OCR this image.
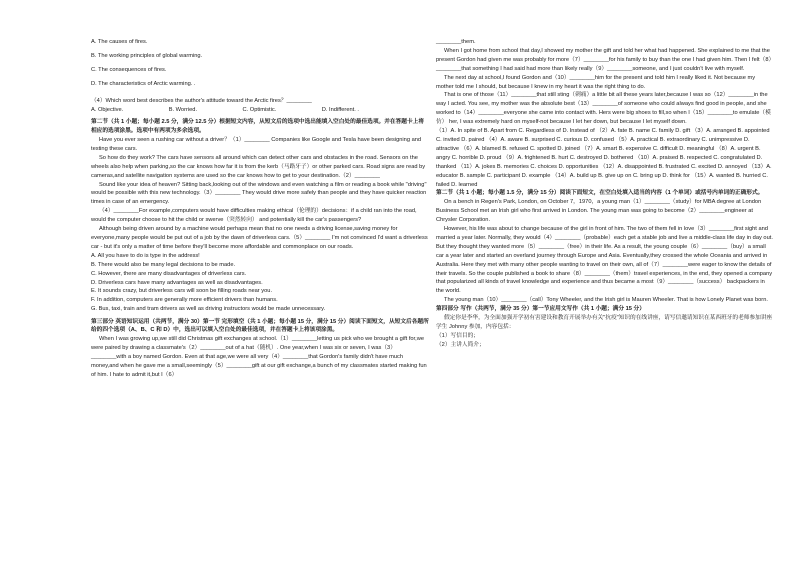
A. The causes of fires.

B. The working principles of global warming.

C. The consequences of fires.

D. The characteristics of Arctic warming. .

（4）Which word best describes the author's attitude toward the Arctic fires？________

A. Objective.	B. Worried.	C. Optimistic.	D. Indifferent. .

第二节（共 1 小题；每小题 2.5 分，满分 12.5 分）根据短文内容，从短文后的选项中选出能填入空白处的最佳选项。并在答题卡上将相应的选项涂黑。选项中有两项为多余选项。

Have you ever seen a rushing car without a driver？（1）________ Companies like Google and Tesla have been designing and testing these cars.

So how do they work? The cars have sensors all around which can detect other cars and obstacles in the road. Sensors on the wheels also help when parking,so the car knows how far it is from the kerb（马路牙子）or other parked cars. Road signs are read by cameras,and satellite navigation systems are used so the car knows how to get to your destination.（2）________

Sound like your idea of heaven? Sitting back,looking out of the windows and even watching a film or reading a book while "driving" would be possible with this new technology.（3）________ They would drive more safely than people and they have quicker reaction times in case of an emergency.

（4）________For example,computers would have difficulties making ethical（伦理的）decisions：if a child ran into the road, would the computer choose to hit the child or swerve（突然转向） and potentially kill the car's passengers?

Although being driven around by a machine would perhaps mean that no one needs a driving license,saving money for everyone,many people would be put out of a job by the dawn of driverless cars.（5）________ I'm not convinced I'd want a driverless car - but it's only a matter of time before they'll become more affordable and commonplace on our roads.

A. All you have to do is type in the address!

B. There would also be many legal decisions to be made.

C. However, there are many disadvantages of driverless cars.

D. Driverless cars have many advantages as well as disadvantages.

E. It sounds crazy, but driverless cars will soon be filling roads near you.

F. In addition, computers are generally more efficient drivers than humans.

G. Bus, taxi, train and tram drivers as well as driving instructors would be made unnecessary.

第三部分 英语知识运用（共两节，满分 30）第一节 完形填空（共 1 小题；每小题 15 分，满分 15 分）阅读下面短文，从短文后各题所给的四个选项（A、B、C 和 D）中，选出可以填入空白处的最佳选项，并在答题卡上将该项涂黑。

When I was growing up,we still did Christmas gift exchanges at school.（1）________letting us pick who we brought a gift for,we were paired by drawing a classmate's（2）________out of a hat（随机）. One year,when I was six or seven, I was（3）________with a boy named Gordon. Even at that age,we were all very（4）________that Gordon's family didn't have much money,and when he gave me a small,seemingly（5）________gift at our gift exchange,a bunch of my classmates started making fun of him. I hate to admit it,but I（6）

________them.

When I got home from school that day,I showed my mother the gift and told her what had happened. She explained to me that the present Gordon had given me was probably for more（7）________for his family to buy than the one I had given him. Then I felt（8）________that something I had said had more than likely really（9）________someone, and I just couldn't live with myself.

The next day at school,I found Gordon and（10）________him for the present and told him I really liked it. Not because my mother told me I should, but because I knew in my heart it was the right thing to do.

That is one of those（11）________that still sting（刺痛）a little bit all these years later,because I was so（12）________in the way I acted. You see, my mother was the absolute best（13）________of someone who could always find good in people, and she worked to（14）________everyone she came into contact with. Hers were big shoes to fill,so when I（15）________to emulate（模仿） her, I was extremely hard on myself-not because I let her down, but because I let myself down.

（1）A. In spite of B. Apart from C. Regardless of D. Instead of （2）A. fate B. name C. family D. gift （3）A. arranged B. appointed C. invited D. paired （4）A. aware B. surprised C. curious D. confused （5）A. practical B. extraordinary C. unimpressive D. attractive （6）A. blamed B. refused C. spotted D. joined （7）A. smart B. expensive C. difficult D. meaningful （8）A. urgent B. angry C. horrible D. proud （9）A. frightened B. hurt C. destroyed D. bothered （10）A. praised B. respected C. congratulated D. thanked （11）A. jokes B. memories C. choices D. opportunities （12）A. disappointed B. frustrated C. excited D. annoyed （13）A. educator B. sample C. participant D. example （14）A. build up B. give up on C. bring up D. think for （15）A. wanted B. hurried C. failed D. learned

第二节（共 1 小题；每小题 1.5 分，满分 15 分）阅读下面短文，在空白处填入适当的内容（1 个单词）或括号内单词的正确形式。

On a bench in Regen's Park, London, on October 7，1970，a young man（1）________（study）for MBA degree at London Business School met an Irish girl who first arrived in London. The young man was going to become（2）________engineer at Chrysler Corporation.

However, his life was about to change because of the girl in front of him. The two of them fell in love（3）________first sight and married a year later. Normally, they would（4）________（probable）each get a stable job and live a middle-class life day in day out. But they thought they wanted more（5）________（free）in their life. As a result, the young couple（6）________（buy）a small car a year later and started an overland journey through Europe and Asia. Eventually,they crossed the whole Oceania and arrived in Australia. Here they met with many other people wanting to travel on their own, all of（7）________were eager to know the details of their travels. So the couple published a book to share（8）________（them）travel experiences, in the end, they opened a company that popularized all kinds of travel knowledge and experience and thus became a most（9）________（success） backpackers in the world.

The young man（10）________（call）Tony Wheeler, and the Irish girl is Mauren Wheeler. That is how Lonely Planet was born.

第四部分 写作（共两节，满分 35 分）第一节应用文写作（共 1 小题；满分 15 分）

假定你是李华，为全面加强开学初有害建设和教育开展举办有关"抗疫"知识的在线讲座，请写信邀请知识在某西班牙的老师参加讲座学生 Johnny 参加，内容包括：

（1）写信目的；

（2）主讲人简介；
